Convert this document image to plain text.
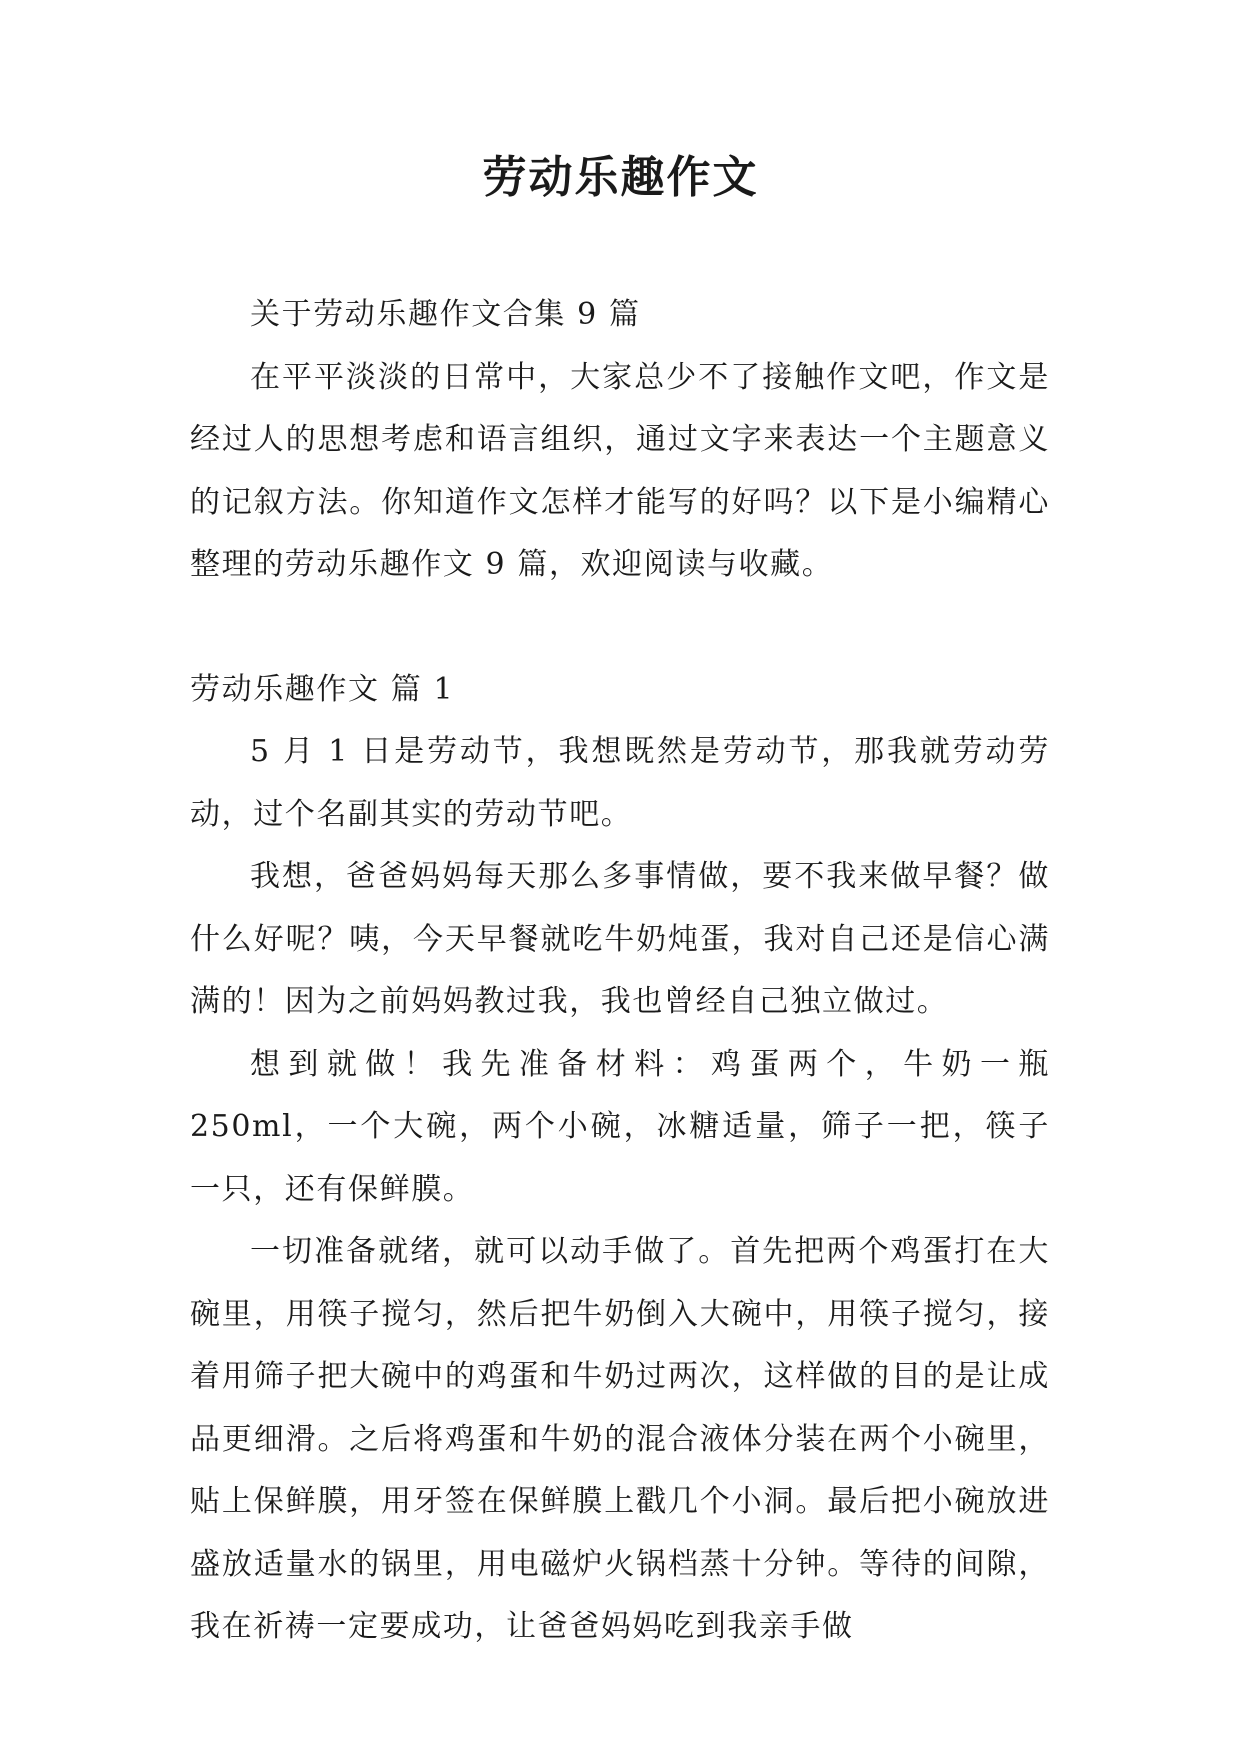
劳动乐趣作文

关于劳动乐趣作文合集 9 篇

在平平淡淡的日常中，大家总少不了接触作文吧，作文是经过人的思想考虑和语言组织，通过文字来表达一个主题意义的记叙方法。你知道作文怎样才能写的好吗？以下是小编精心整理的劳动乐趣作文 9 篇，欢迎阅读与收藏。

劳动乐趣作文 篇 1

5 月 1 日是劳动节，我想既然是劳动节，那我就劳动劳动，过个名副其实的劳动节吧。

我想，爸爸妈妈每天那么多事情做，要不我来做早餐？做什么好呢？咦，今天早餐就吃牛奶炖蛋，我对自己还是信心满满的！因为之前妈妈教过我，我也曾经自己独立做过。

想到就做！我先准备材料：鸡蛋两个，牛奶一瓶 250ml，一个大碗，两个小碗，冰糖适量，筛子一把，筷子一只，还有保鲜膜。

一切准备就绪，就可以动手做了。首先把两个鸡蛋打在大碗里，用筷子搅匀，然后把牛奶倒入大碗中，用筷子搅匀，接着用筛子把大碗中的鸡蛋和牛奶过两次，这样做的目的是让成品更细滑。之后将鸡蛋和牛奶的混合液体分装在两个小碗里，贴上保鲜膜，用牙签在保鲜膜上戳几个小洞。最后把小碗放进盛放适量水的锅里，用电磁炉火锅档蒸十分钟。等待的间隙，我在祈祷一定要成功，让爸爸妈妈吃到我亲手做
